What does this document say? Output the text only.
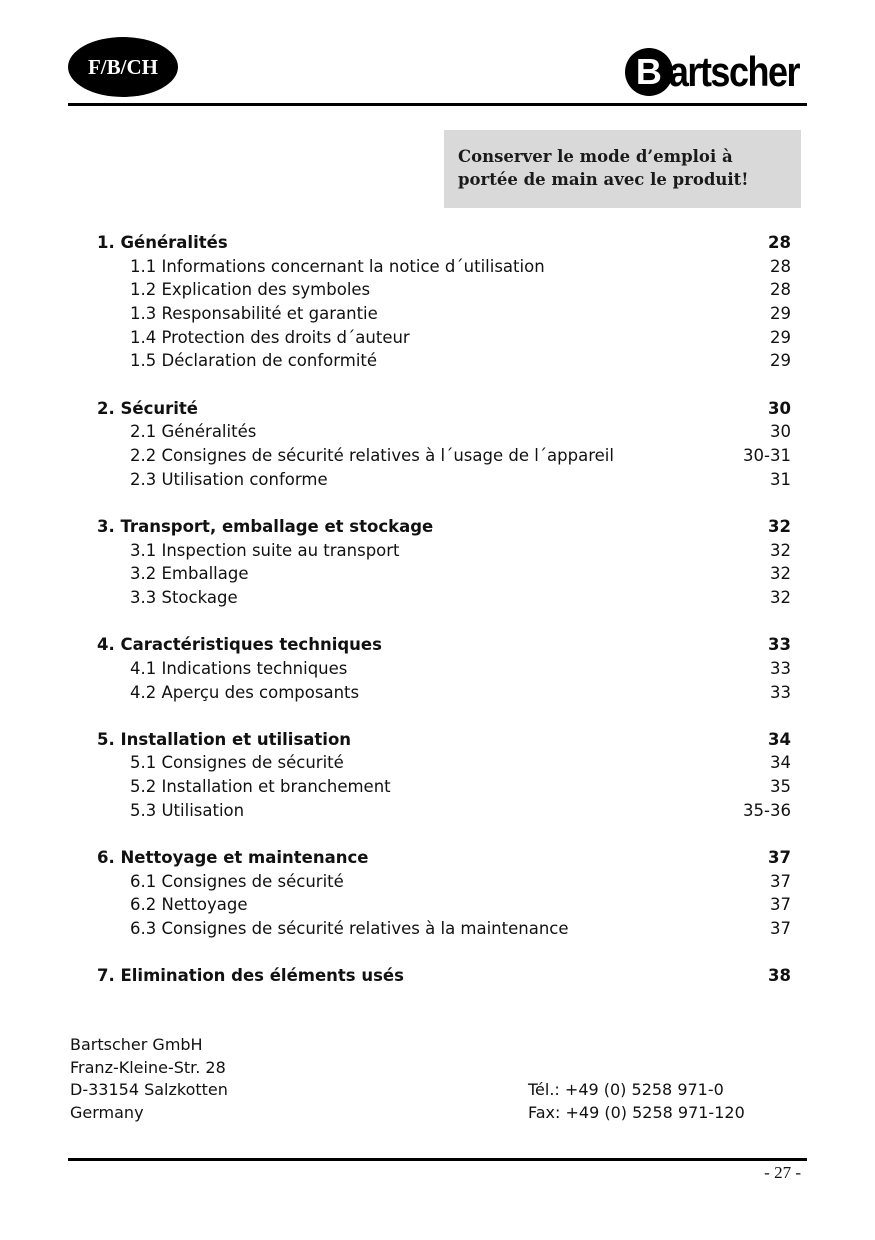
F/B/CH	B artscher
Conserver le mode d’emploi à
portée de main avec le produit!
1. Généralités	28
1.1 Informations concernant la notice d´utilisation	28
1.2 Explication des symboles	28
1.3 Responsabilité et garantie	29
1.4 Protection des droits d´auteur	29
1.5 Déclaration de conformité	29
2. Sécurité	30
2.1 Généralités	30
2.2 Consignes de sécurité relatives à l´usage de l´appareil	30-31
2.3 Utilisation conforme	31
3. Transport, emballage et stockage	32
3.1 Inspection suite au transport	32
3.2 Emballage	32
3.3 Stockage	32
4. Caractéristiques techniques	33
4.1 Indications techniques	33
4.2 Aperçu des composants	33
5. Installation et utilisation	34
5.1 Consignes de sécurité	34
5.2 Installation et branchement	35
5.3 Utilisation	35-36
6. Nettoyage et maintenance	37
6.1 Consignes de sécurité	37
6.2 Nettoyage	37
6.3 Consignes de sécurité relatives à la maintenance	37
7. Elimination des éléments usés	38
Bartscher GmbH
Franz-Kleine-Str. 28
D-33154 Salzkotten
Germany
Tél.: +49 (0) 5258 971-0
Fax: +49 (0) 5258 971-120
- 27 -
